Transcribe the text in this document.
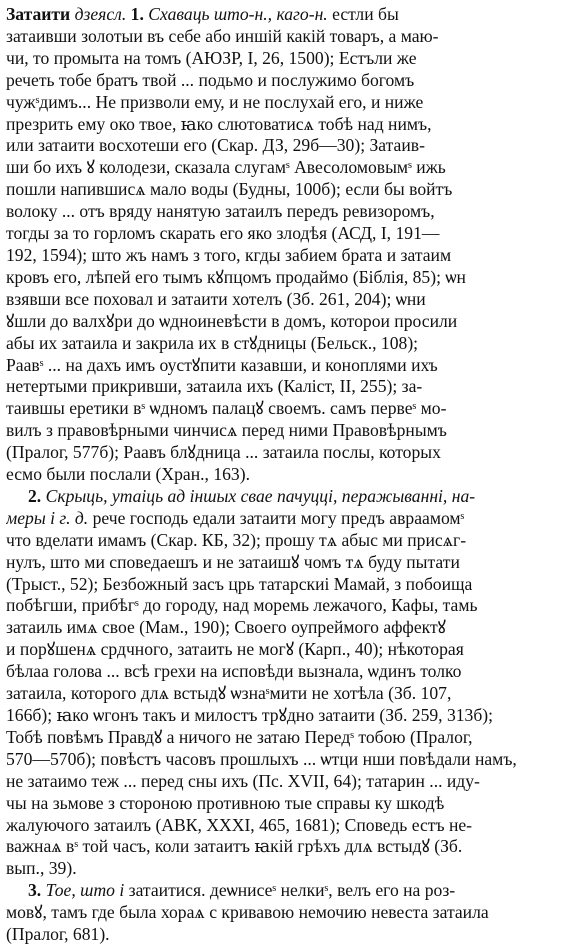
Затаити дзеясл. 1. Схаваць што-н., каго-н. естли бы
затаивши золотыи въ себе або иншій какій товаръ, а маю-
чи, то промыта на томъ (АЮЗР, I, 26, 1500); Естъли же
речеть тобе братъ твой ... подьмо и послужимо богомъ
чужˢдимъ... Не призволи ему, и не послухай его, и ниже
презрить ему око твое, ꙗко слютоватисѧ тобѣ над нимъ,
или затаити восхотеши его (Скар. ДЗ, 29б—30); Затаив-
ши бо ихъ ꙋ колодези, сказала слугамˢ Авесоломовымˢ ижь
пошли напившисѧ мало воды (Будны, 100б); если бы войтъ
волоку ... отъ вряду нанятую затаилъ передъ ревизоромъ,
тогды за то горломъ скарать его яко злодѣя (АСД, I, 191—
192, 1594); што жъ намъ з того, кгды забием брата и затаим
кровъ его, лѣпей его тымъ кꙋпцомъ продаймо (Біблія, 85); ѡн
взявши все поховал и затаити хотелъ (Зб. 261, 204); ѡни
ꙋшли до валхꙋри до ѡдноиневѣсти в домъ, которои просили
абы их затаила и закрила их в стꙋдницы (Бельск., 108);
Раавˢ ... на дахъ имъ оустꙋпити казавши, и коноплями ихъ
нетертыми прикривши, затаила ихъ (Каліст, II, 255); за-
таившы еретики вˢ ѡдномъ палацꙋ своемъ. самъ первеˢ мо-
вилъ з правовѣрными чинчисѧ перед ними Правовѣрнымъ
(Пралог, 577б); Раавъ блꙋдница ... затаила послы, которых
есмо были послали (Хран., 163).

2. Скрыць, утаіць ад іншых свае пачуцці, перажыванні, на-
меры і г. д. рече господь едали затаити могу предъ авраамомˢ
что вделати имамъ (Скар. КБ, 32); прошу тѧ абыс ми присѧг-
нулъ, што ми споведаешъ и не затаишꙋ чомъ тѧ буду пытати
(Трыст., 52); Безбожный засъ црь татарскиі Мамай, з побоища
побѣгши, прибѣгˢ до городу, над моремь лежачого, Кафы, тамь
затаиль имѧ свое (Мам., 190); Своего оупреймого аффектꙋ
и порꙋшенѧ срдчного, затаить не могꙋ (Карп., 40); нѣкоторая
бѣлаа голова ... всѣ грехи на исповѣди вызнала, ѡдинъ толко
затаила, которого длѧ встыдꙋ ѡзнаˢмити не хотѣла (Зб. 107,
166б); ꙗко ѡгонъ такъ и милостъ трꙋдно затаити (Зб. 259, 313б);
Тобѣ повѣмъ Правдꙋ а ничого не затаю Передˢ тобою (Пралог,
570—570б); повѣстъ часовъ прошлыхъ ... ѡтци нши повѣдали намъ,
не затаимо теж ... перед сны ихъ (Пс. XVII, 64); татарин ... иду-
чы на зьмове з стороною противною тые справы ку шкодѣ
жалуючого затаилъ (АВК, XXXI, 465, 1681); Споведь естъ не-
важнаѧ вˢ той часъ, коли затаитъ ꙗкій грѣхъ длѧ встыдꙋ (Зб.
вып., 39).

3. Тое, што і затаитися. деѡнисеˢ нелкиˢ, велъ его на роз-
мовꙋ, тамъ где была хораѧ с кривавою немочию невеста затаила
(Пралог, 681).
